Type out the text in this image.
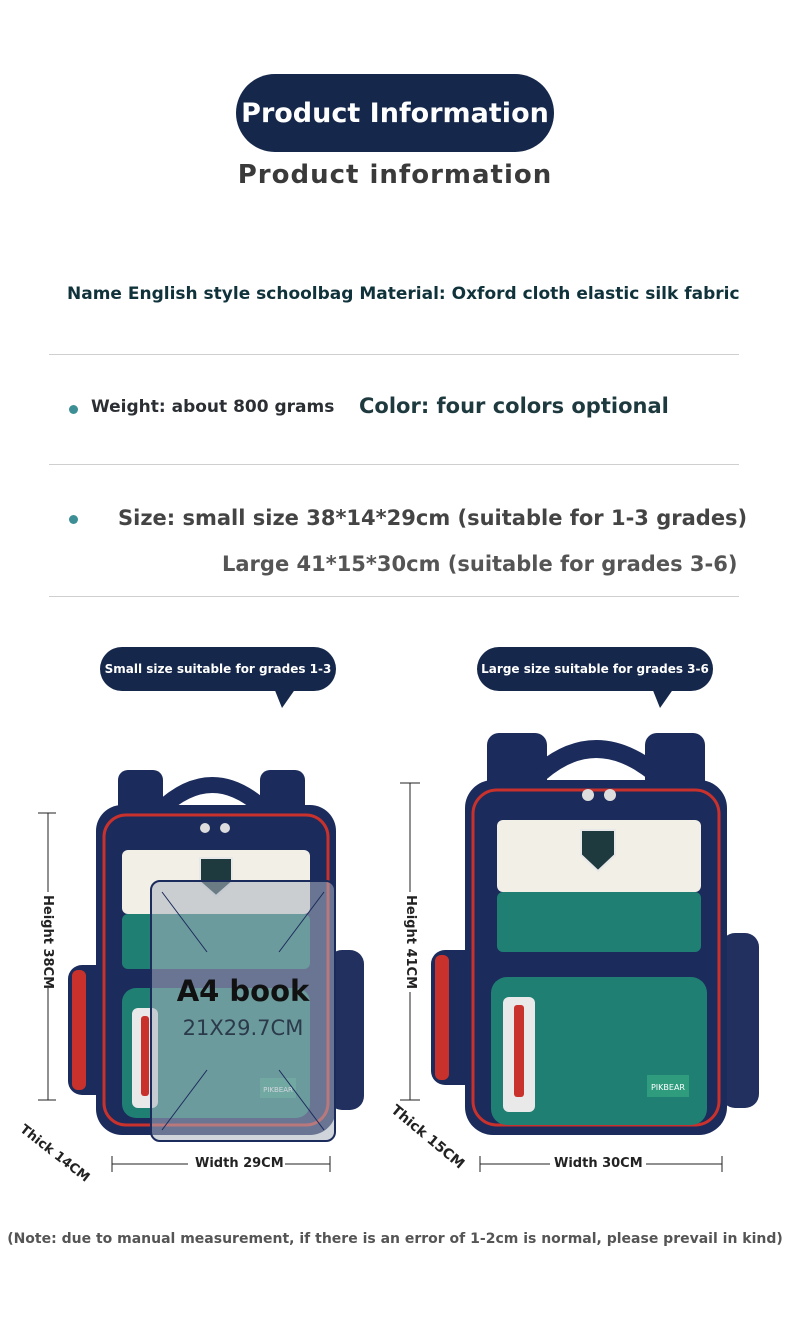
Product Information
Product information
Name English style schoolbag Material: Oxford cloth elastic silk fabric
Weight: about 800 grams Color: four colors optional
Size: small size 38*14*29cm (suitable for 1-3 grades)
Large 41*15*30cm (suitable for grades 3-6)
Small size suitable for grades 1-3	Large size suitable for grades 3-6
A4 book
21X29.7CM
Height 38CM
Thick 14CM	Width 29CM
PIKBEAR
Height 41CM
Thick 15CM	Width 30CM
(Note: due to manual measurement, if there is an error of 1-2cm is normal, please prevail in kind)
